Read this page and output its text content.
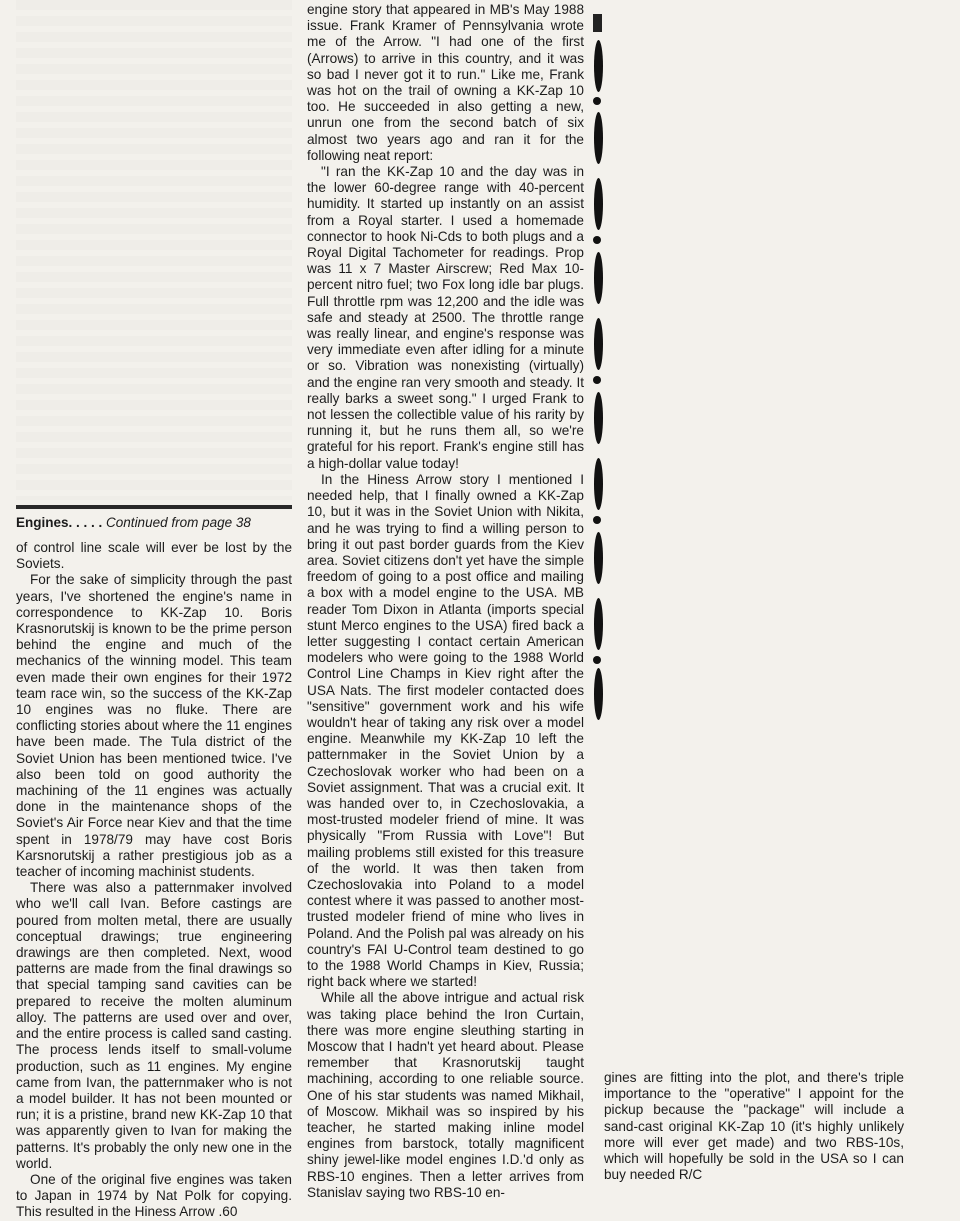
Engines. . . . . Continued from page 38

of control line scale will ever be lost by the Soviets.

For the sake of simplicity through the past years, I've shortened the engine's name in correspondence to KK-Zap 10. Boris Krasnorutskij is known to be the prime person behind the engine and much of the mechanics of the winning model. This team even made their own engines for their 1972 team race win, so the success of the KK-Zap 10 engines was no fluke. There are conflicting stories about where the 11 engines have been made. The Tula district of the Soviet Union has been mentioned twice. I've also been told on good authority the machining of the 11 engines was actually done in the maintenance shops of the Soviet's Air Force near Kiev and that the time spent in 1978/79 may have cost Boris Karsnorutskij a rather prestigious job as a teacher of incoming machinist students.

There was also a patternmaker involved who we'll call Ivan. Before castings are poured from molten metal, there are usually conceptual drawings; true engineering drawings are then completed. Next, wood patterns are made from the final drawings so that special tamping sand cavities can be prepared to receive the molten aluminum alloy. The patterns are used over and over, and the entire process is called sand casting. The process lends itself to small-volume production, such as 11 engines. My engine came from Ivan, the patternmaker who is not a model builder. It has not been mounted or run; it is a pristine, brand new KK-Zap 10 that was apparently given to Ivan for making the patterns. It's probably the only new one in the world.

One of the original five engines was taken to Japan in 1974 by Nat Polk for copying. This resulted in the Hiness Arrow .60

engine story that appeared in MB's May 1988 issue. Frank Kramer of Pennsylvania wrote me of the Arrow. "I had one of the first (Arrows) to arrive in this country, and it was so bad I never got it to run." Like me, Frank was hot on the trail of owning a KK-Zap 10 too. He succeeded in also getting a new, unrun one from the second batch of six almost two years ago and ran it for the following neat report:

"I ran the KK-Zap 10 and the day was in the lower 60-degree range with 40-percent humidity. It started up instantly on an assist from a Royal starter. I used a homemade connector to hook Ni-Cds to both plugs and a Royal Digital Tachometer for readings. Prop was 11 x 7 Master Airscrew; Red Max 10-percent nitro fuel; two Fox long idle bar plugs. Full throttle rpm was 12,200 and the idle was safe and steady at 2500. The throttle range was really linear, and engine's response was very immediate even after idling for a minute or so. Vibration was nonexisting (virtually) and the engine ran very smooth and steady. It really barks a sweet song." I urged Frank to not lessen the collectible value of his rarity by running it, but he runs them all, so we're grateful for his report. Frank's engine still has a high-dollar value today!

In the Hiness Arrow story I mentioned I needed help, that I finally owned a KK-Zap 10, but it was in the Soviet Union with Nikita, and he was trying to find a willing person to bring it out past border guards from the Kiev area. Soviet citizens don't yet have the simple freedom of going to a post office and mailing a box with a model engine to the USA. MB reader Tom Dixon in Atlanta (imports special stunt Merco engines to the USA) fired back a letter suggesting I contact certain American modelers who were going to the 1988 World Control Line Champs in Kiev right after the USA Nats. The first modeler contacted does "sensitive" government work and his wife wouldn't hear of taking any risk over a model engine. Meanwhile my KK-Zap 10 left the patternmaker in the Soviet Union by a Czechoslovak worker who had been on a Soviet assignment. That was a crucial exit. It was handed over to, in Czechoslovakia, a most-trusted modeler friend of mine. It was physically "From Russia with Love"! But mailing problems still existed for this treasure of the world. It was then taken from Czechoslovakia into Poland to a model contest where it was passed to another most-trusted modeler friend of mine who lives in Poland. And the Polish pal was already on his country's FAI U-Control team destined to go to the 1988 World Champs in Kiev, Russia; right back where we started!

While all the above intrigue and actual risk was taking place behind the Iron Curtain, there was more engine sleuthing starting in Moscow that I hadn't yet heard about. Please remember that Krasnorutskij taught machining, according to one reliable source. One of his star students was named Mikhail, of Moscow. Mikhail was so inspired by his teacher, he started making inline model engines from barstock, totally magnificent shiny jewel-like model engines I.D.'d only as RBS-10 engines. Then a letter arrives from Stanislav saying two RBS-10 en-

gines are fitting into the plot, and there's triple importance to the "operative" I appoint for the pickup because the "package" will include a sand-cast original KK-Zap 10 (it's highly unlikely more will ever get made) and two RBS-10s, which will hopefully be sold in the USA so I can buy needed R/C
